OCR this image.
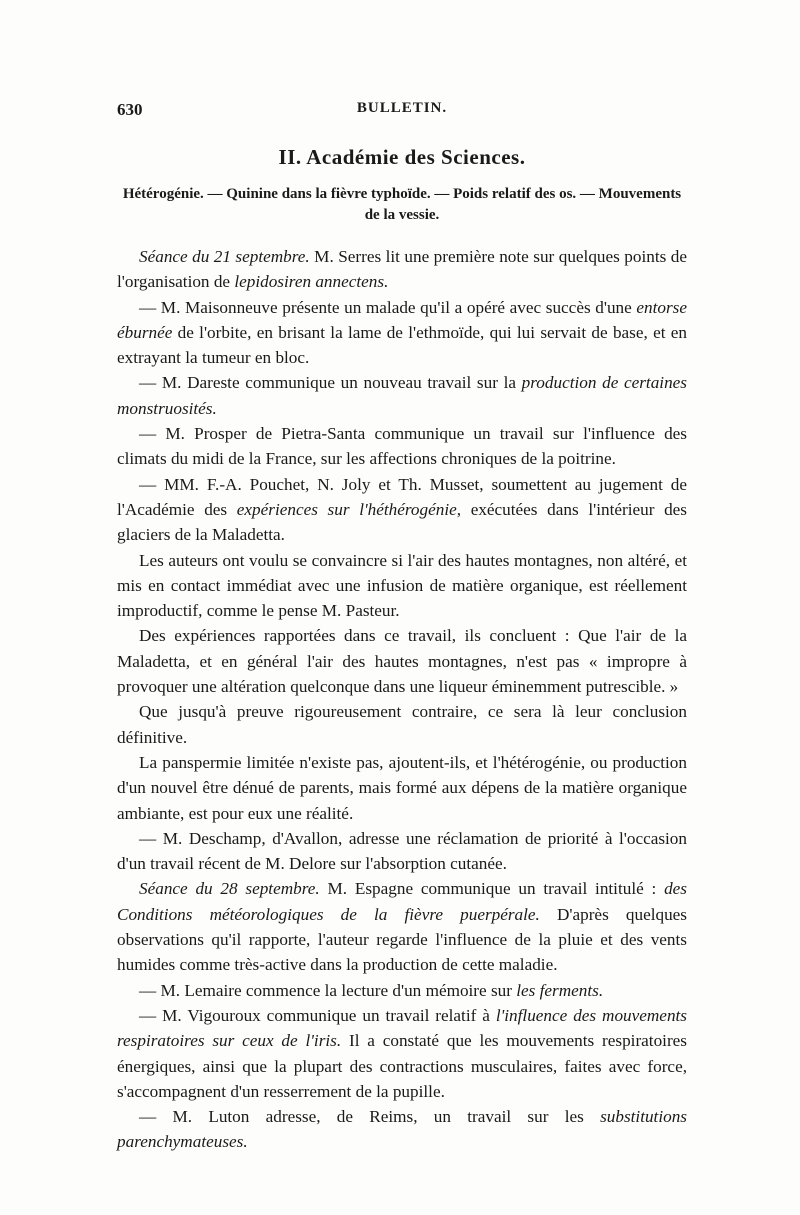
630	BULLETIN.
II. Académie des Sciences.
Hétérogénie. — Quinine dans la fièvre typhoïde. — Poids relatif des os. — Mouvements de la vessie.

Séance du 21 septembre. M. Serres lit une première note sur quelques points de l'organisation de lepidosiren annectens.

— M. Maisonneuve présente un malade qu'il a opéré avec succès d'une entorse éburnée de l'orbite, en brisant la lame de l'ethmoïde, qui lui servait de base, et en extrayant la tumeur en bloc.

— M. Dareste communique un nouveau travail sur la production de certaines monstruosités.

— M. Prosper de Pietra-Santa communique un travail sur l'influence des climats du midi de la France, sur les affections chroniques de la poitrine.

— MM. F.-A. Pouchet, N. Joly et Th. Musset, soumettent au jugement de l'Académie des expériences sur l'héthérogénie, exécutées dans l'intérieur des glaciers de la Maladetta.

Les auteurs ont voulu se convaincre si l'air des hautes montagnes, non altéré, et mis en contact immédiat avec une infusion de matière organique, est réellement improductif, comme le pense M. Pasteur.

Des expériences rapportées dans ce travail, ils concluent : Que l'air de la Maladetta, et en général l'air des hautes montagnes, n'est pas « impropre à provoquer une altération quelconque dans une liqueur éminemment putrescible. »

Que jusqu'à preuve rigoureusement contraire, ce sera là leur conclusion définitive.

La panspermie limitée n'existe pas, ajoutent-ils, et l'hétérogénie, ou production d'un nouvel être dénué de parents, mais formé aux dépens de la matière organique ambiante, est pour eux une réalité.

— M. Deschamp, d'Avallon, adresse une réclamation de priorité à l'occasion d'un travail récent de M. Delore sur l'absorption cutanée.

Séance du 28 septembre. M. Espagne communique un travail intitulé : des Conditions météorologiques de la fièvre puerpérale. D'après quelques observations qu'il rapporte, l'auteur regarde l'influence de la pluie et des vents humides comme très-active dans la production de cette maladie.

— M. Lemaire commence la lecture d'un mémoire sur les ferments.

— M. Vigouroux communique un travail relatif à l'influence des mouvements respiratoires sur ceux de l'iris. Il a constaté que les mouvements respiratoires énergiques, ainsi que la plupart des contractions musculaires, faites avec force, s'accompagnent d'un resserrement de la pupille.

— M. Luton adresse, de Reims, un travail sur les substitutions parenchymateuses.
